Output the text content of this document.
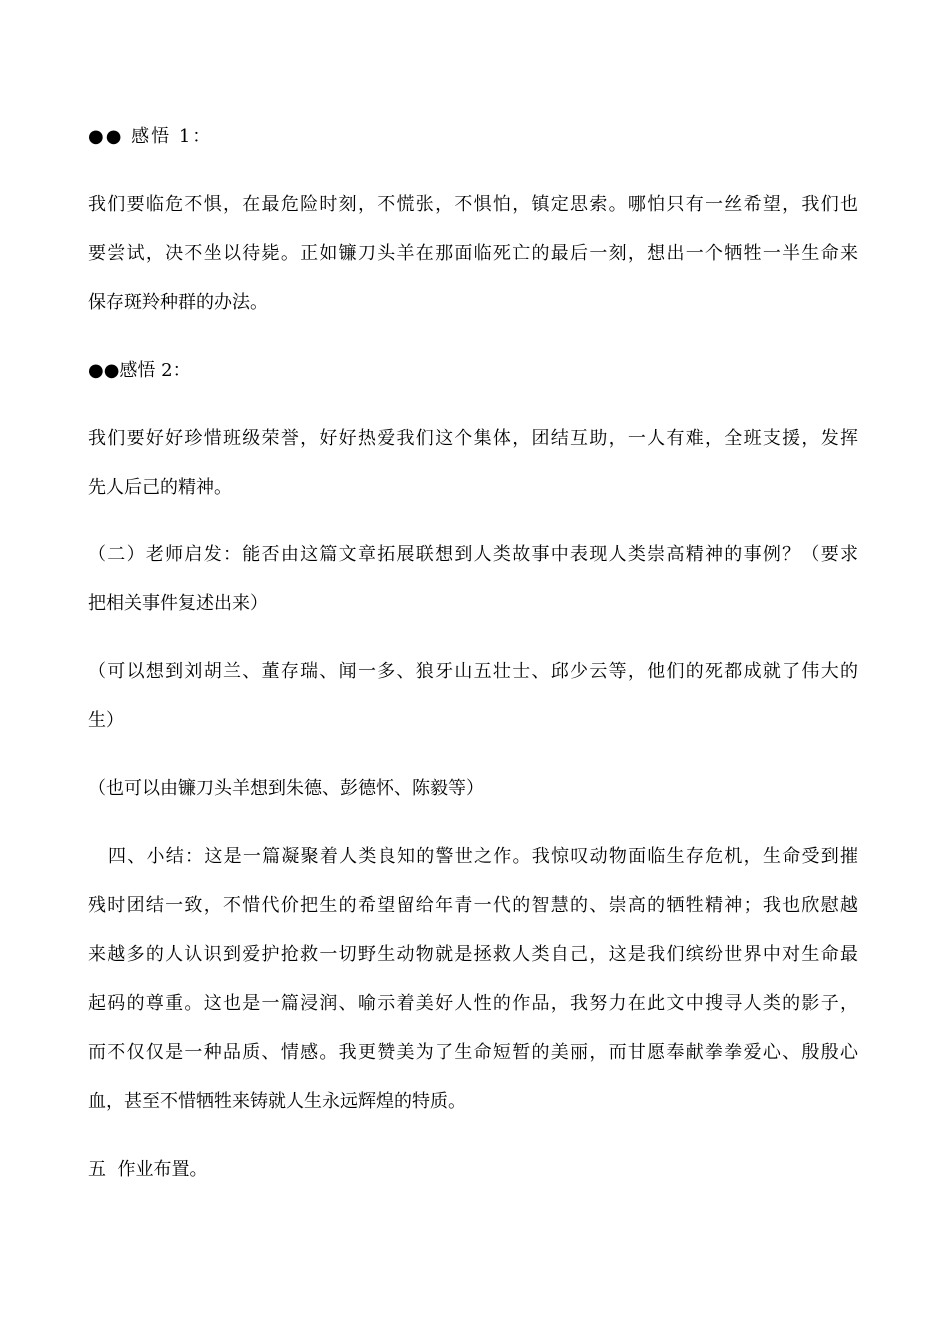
●● 感悟 1：
我们要临危不惧，在最危险时刻，不慌张，不惧怕，镇定思索。哪怕只有一丝希望，我们也
要尝试，决不坐以待毙。正如镰刀头羊在那面临死亡的最后一刻，想出一个牺牲一半生命来
保存斑羚种群的办法。
●●感悟 2：
我们要好好珍惜班级荣誉，好好热爱我们这个集体，团结互助，一人有难，全班支援，发挥
先人后己的精神。
（二）老师启发：能否由这篇文章拓展联想到人类故事中表现人类崇高精神的事例？（要求
把相关事件复述出来）
（可以想到刘胡兰、董存瑞、闻一多、狼牙山五壮士、邱少云等，他们的死都成就了伟大的
生）
（也可以由镰刀头羊想到朱德、彭德怀、陈毅等）
四、小结：这是一篇凝聚着人类良知的警世之作。我惊叹动物面临生存危机，生命受到摧
残时团结一致，不惜代价把生的希望留给年青一代的智慧的、崇高的牺牲精神；我也欣慰越
来越多的人认识到爱护抢救一切野生动物就是拯救人类自己，这是我们缤纷世界中对生命最
起码的尊重。这也是一篇浸润、喻示着美好人性的作品，我努力在此文中搜寻人类的影子，
而不仅仅是一种品质、情感。我更赞美为了生命短暂的美丽，而甘愿奉献拳拳爱心、殷殷心
血，甚至不惜牺牲来铸就人生永远辉煌的特质。
五  作业布置。
